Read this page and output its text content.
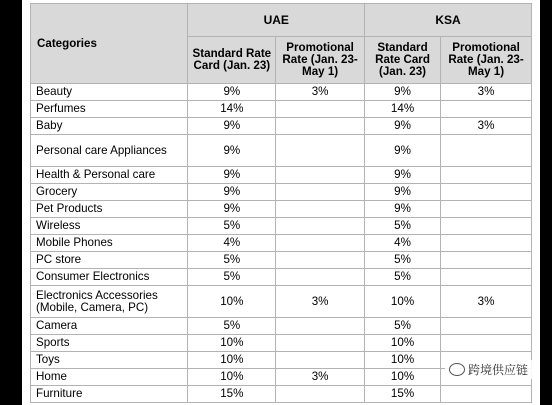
Categories	UAE		KSA	
	Standard Rate Card (Jan. 23)	Promotional Rate (Jan. 23-May 1)	Standard Rate Card (Jan. 23)	Promotional Rate (Jan. 23-May 1)
Beauty	9%	3%	9%	3%
Perfumes	14%		14%	
Baby	9%		9%	3%
Personal care Appliances	9%		9%	
Health & Personal care	9%		9%	
Grocery	9%		9%	
Pet Products	9%		9%	
Wireless	5%		5%	
Mobile Phones	4%		4%	
PC store	5%		5%	
Consumer Electronics	5%		5%	
Electronics Accessories (Mobile, Camera, PC)	10%	3%	10%	3%
Camera	5%		5%	
Sports	10%		10%	
Toys	10%		10%	
Home	10%	3%	10%	
Furniture	15%		15%	
跨境供应链
